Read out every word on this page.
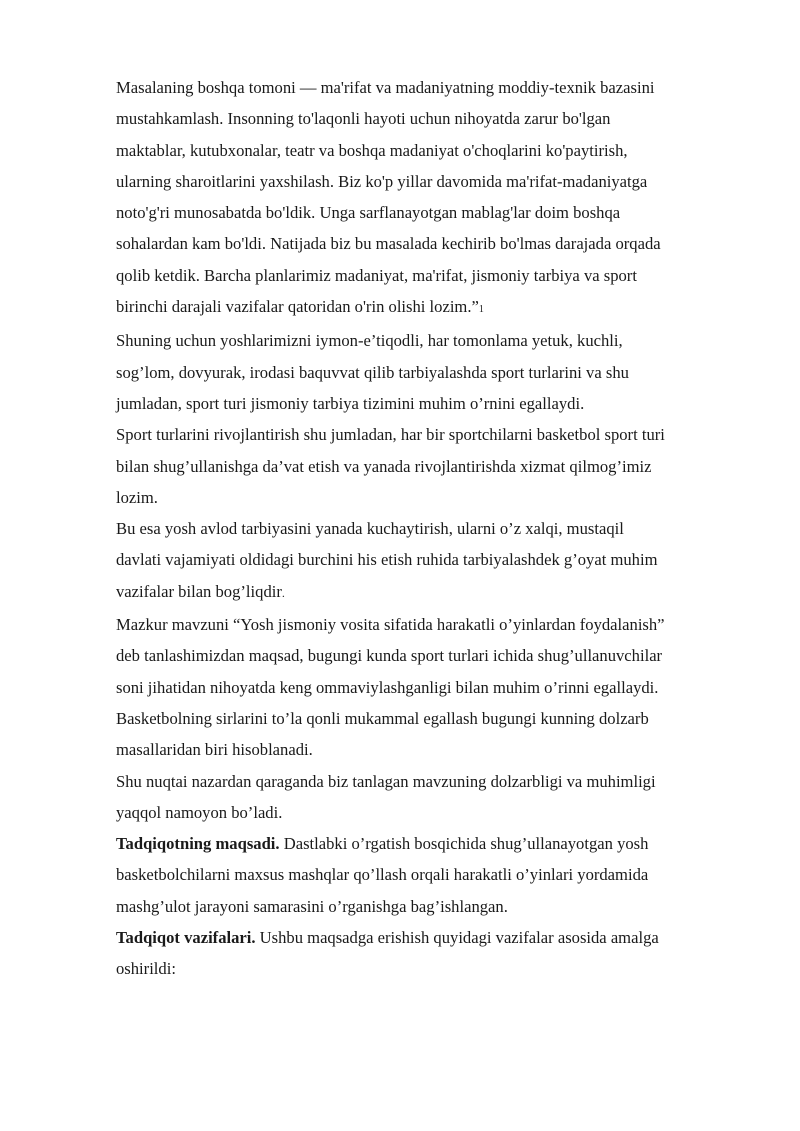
Masalaning boshqa tomoni — ma'rifat va madaniyatning moddiy-texnik bazasini
mustahkamlash. Insonning to'laqonli hayoti uchun nihoyatda zarur bo'lgan
maktablar, kutubxonalar, teatr va boshqa madaniyat o'choqlarini ko'paytirish,
ularning sharoitlarini yaxshilash. Biz ko'p yillar davomida ma'rifat-madaniyatga
noto'g'ri munosabatda bo'ldik. Unga sarflanayotgan mablag'lar doim boshqa
sohalardan kam bo'ldi. Natijada biz bu masalada kechirib bo'lmas darajada orqada
qolib ketdik. Barcha planlarimiz madaniyat, ma'rifat, jismoniy tarbiya va sport
birinchi darajali vazifalar qatoridan o'rin olishi lozim.”1

Shuning uchun yoshlarimizni iymon-e’tiqodli, har tomonlama yetuk, kuchli,
sog’lom, dovyurak, irodasi baquvvat qilib tarbiyalashda sport turlarini va shu
jumladan, sport turi jismoniy tarbiya tizimini muhim o’rnini egallaydi.

Sport turlarini rivojlantirish shu jumladan, har bir sportchilarni basketbol sport turi
bilan shug’ullanishga da’vat etish va yanada rivojlantirishda xizmat qilmog’imiz
lozim.

Bu esa yosh avlod tarbiyasini yanada kuchaytirish, ularni o’z xalqi, mustaqil
davlati vajamiyati oldidagi burchini his etish ruhida tarbiyalashdek g’oyat muhim
vazifalar bilan bog’liqdir.

Mazkur mavzuni “Yosh jismoniy vosita sifatida harakatli o’yinlardan foydalanish”
deb tanlashimizdan maqsad, bugungi kunda sport turlari ichida shug’ullanuvchilar
soni jihatidan nihoyatda keng ommaviylashganligi bilan muhim o’rinni egallaydi.
Basketbolning sirlarini to’la qonli mukammal egallash bugungi kunning dolzarb
masallaridan biri hisoblanadi.

Shu nuqtai nazardan qaraganda biz tanlagan mavzuning dolzarbligi va muhimligi
yaqqol namoyon bo’ladi.

Tadqiqotning maqsadi. Dastlabki o’rgatish bosqichida shug’ullanayotgan yosh
basketbolchilarni maxsus mashqlar qo’llash orqali harakatli o’yinlari yordamida
mashg’ulot jarayoni samarasini o’rganishga bag’ishlangan.

Tadqiqot vazifalari. Ushbu maqsadga erishish quyidagi vazifalar asosida amalga
oshirildi:
